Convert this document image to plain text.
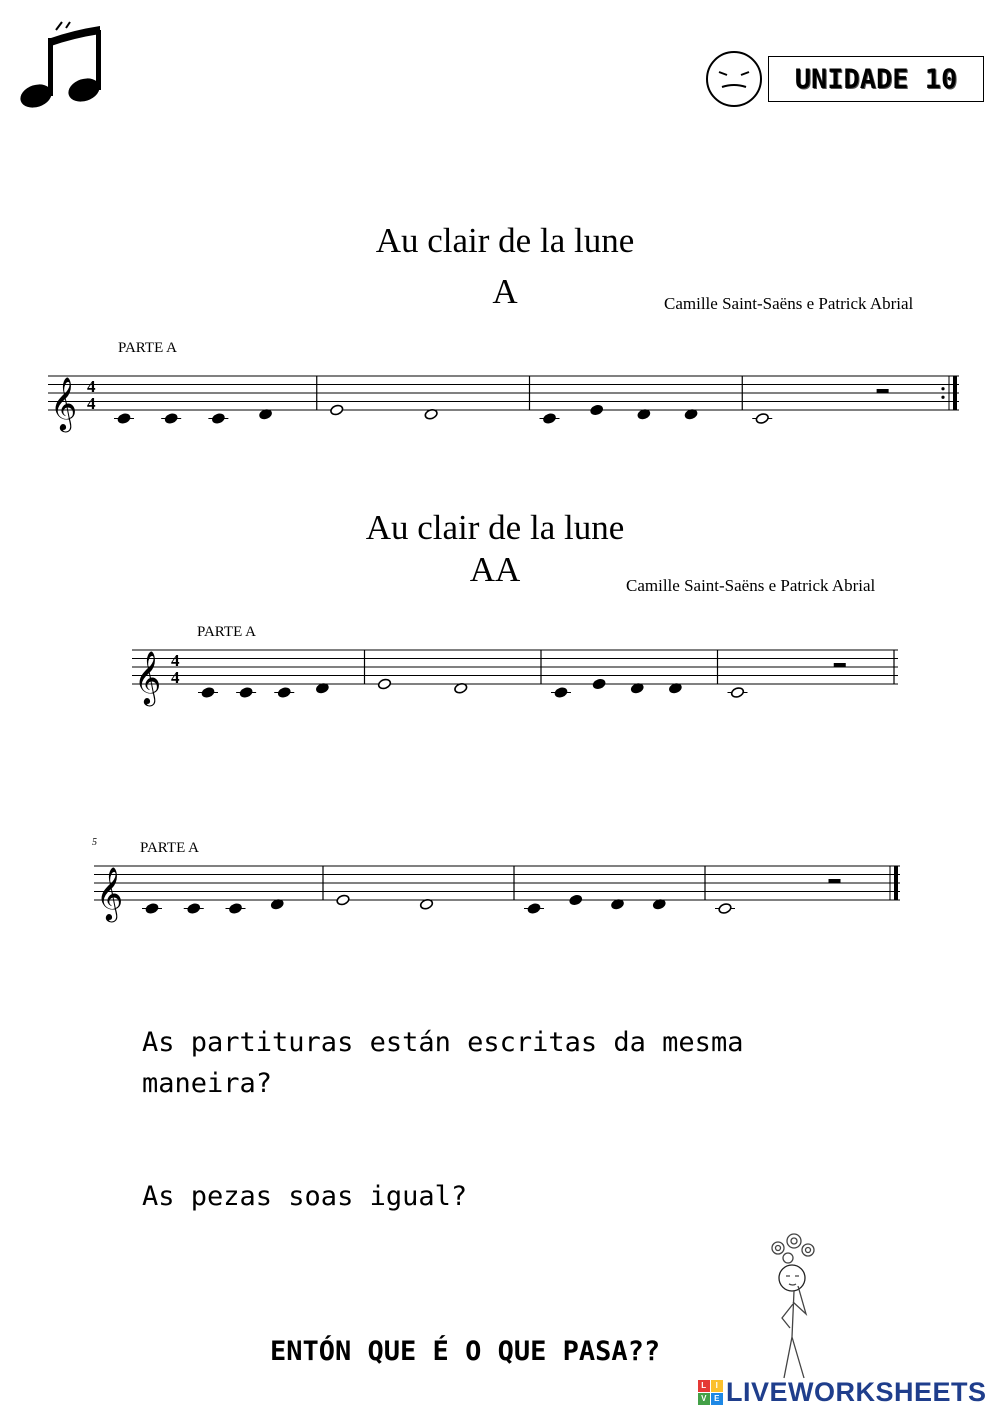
UNIDADE 10
Au clair de la lune
A	Camille Saint-Saëns e Patrick Abrial
PARTE A
𝄞 4
4
Au clair de la lune
AA	Camille Saint-Saëns e Patrick Abrial
PARTE A
𝄞 4
4
5	PARTE A
𝄞
As partituras están escritas da mesma maneira?
As pezas soas igual?
ENTÓN QUE É O QUE PASA??
L	I
V E LIVEWORKSHEETS
